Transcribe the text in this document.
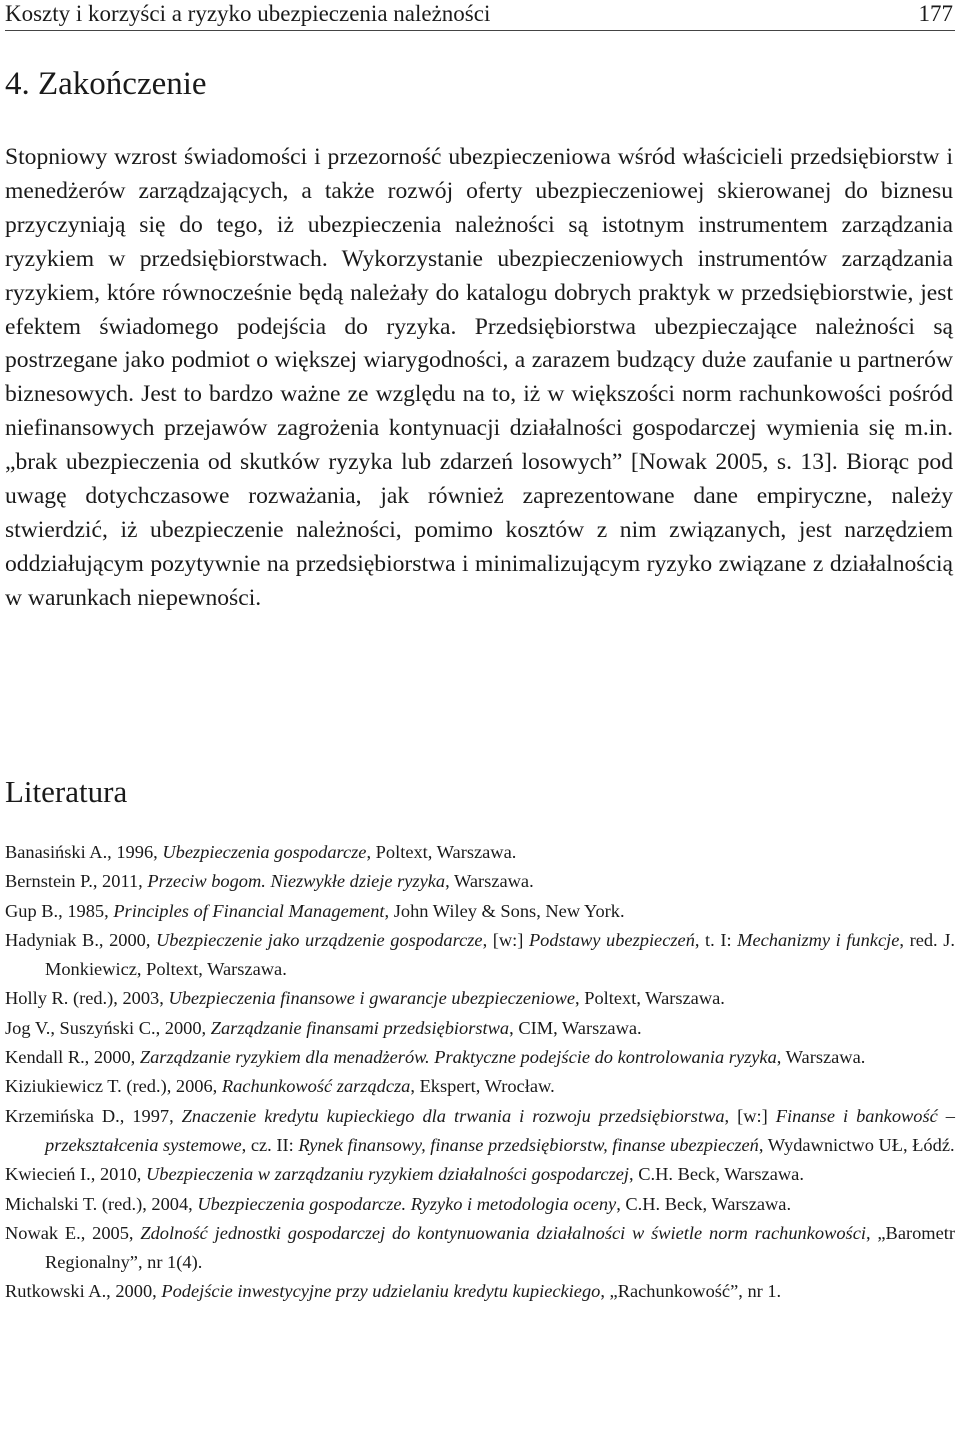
Koszty i korzyści a ryzyko ubezpieczenia należności	177
4. Zakończenie

Stopniowy wzrost świadomości i przezorność ubezpieczeniowa wśród właścicieli przedsiębiorstw i menedżerów zarządzających, a także rozwój oferty ubezpieczeniowej skierowanej do biznesu przyczyniają się do tego, iż ubezpieczenia należności są istotnym instrumentem zarządzania ryzykiem w przedsiębiorstwach. Wykorzystanie ubezpieczeniowych instrumentów zarządzania ryzykiem, które równocześnie będą należały do katalogu dobrych praktyk w przedsiębiorstwie, jest efektem świadomego podejścia do ryzyka. Przedsiębiorstwa ubezpieczające należności są postrzegane jako podmiot o większej wiarygodności, a zarazem budzący duże zaufanie u partnerów biznesowych. Jest to bardzo ważne ze względu na to, iż w większości norm rachunkowości pośród niefinansowych przejawów zagrożenia kontynuacji działalności gospodarczej wymienia się m.in. „brak ubezpieczenia od skutków ryzyka lub zdarzeń losowych” [Nowak 2005, s. 13]. Biorąc pod uwagę dotychczasowe rozważania, jak również zaprezentowane dane empiryczne, należy stwierdzić, iż ubezpieczenie należności, pomimo kosztów z nim związanych, jest narzędziem oddziałującym pozytywnie na przedsiębiorstwa i minimalizującym ryzyko związane z działalnością w warunkach niepewności.

Literatura
Banasiński A., 1996, Ubezpieczenia gospodarcze, Poltext, Warszawa.
Bernstein P., 2011, Przeciw bogom. Niezwykłe dzieje ryzyka, Warszawa.
Gup B., 1985, Principles of Financial Management, John Wiley & Sons, New York.
Hadyniak B., 2000, Ubezpieczenie jako urządzenie gospodarcze, [w:] Podstawy ubezpieczeń, t. I: Mechanizmy i funkcje, red. J. Monkiewicz, Poltext, Warszawa.
Holly R. (red.), 2003, Ubezpieczenia finansowe i gwarancje ubezpieczeniowe, Poltext, Warszawa.
Jog V., Suszyński C., 2000, Zarządzanie finansami przedsiębiorstwa, CIM, Warszawa.
Kendall R., 2000, Zarządzanie ryzykiem dla menadżerów. Praktyczne podejście do kontrolowania ryzyka, Warszawa.
Kiziukiewicz T. (red.), 2006, Rachunkowość zarządcza, Ekspert, Wrocław.
Krzemińska D., 1997, Znaczenie kredytu kupieckiego dla trwania i rozwoju przedsiębiorstwa, [w:] Finanse i bankowość – przekształcenia systemowe, cz. II: Rynek finansowy, finanse przedsiębiorstw, finanse ubezpieczeń, Wydawnictwo UŁ, Łódź.
Kwiecień I., 2010, Ubezpieczenia w zarządzaniu ryzykiem działalności gospodarczej, C.H. Beck, Warszawa.
Michalski T. (red.), 2004, Ubezpieczenia gospodarcze. Ryzyko i metodologia oceny, C.H. Beck, Warszawa.
Nowak E., 2005, Zdolność jednostki gospodarczej do kontynuowania działalności w świetle norm rachunkowości, „Barometr Regionalny”, nr 1(4).
Rutkowski A., 2000, Podejście inwestycyjne przy udzielaniu kredytu kupieckiego, „Rachunkowość”, nr 1.
